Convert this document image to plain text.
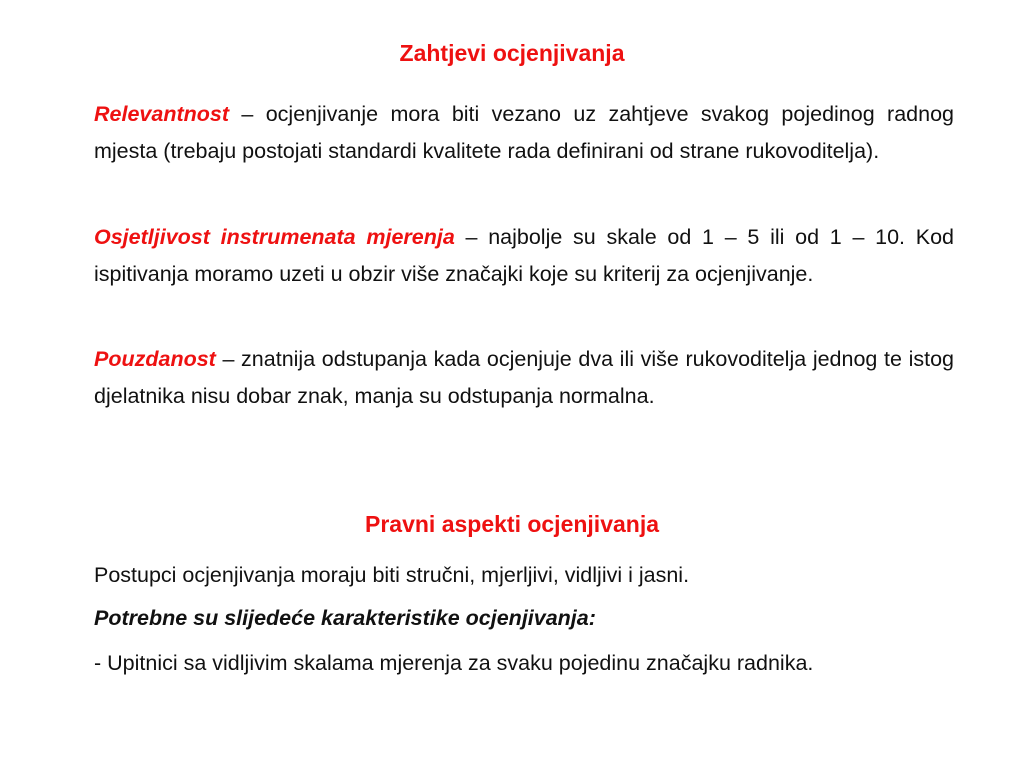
Zahtjevi ocjenjivanja

Relevantnost – ocjenjivanje mora biti vezano uz zahtjeve svakog pojedinog radnog mjesta (trebaju postojati standardi kvalitete rada definirani od strane rukovoditelja).

Osjetljivost instrumenata mjerenja – najbolje su skale od 1 – 5 ili od 1 – 10. Kod ispitivanja moramo uzeti u obzir više značajki koje su kriterij za ocjenjivanje.

Pouzdanost – znatnija odstupanja kada ocjenjuje dva ili više rukovoditelja jednog te istog djelatnika nisu dobar znak, manja su odstupanja normalna.

Pravni aspekti ocjenjivanja

Postupci ocjenjivanja moraju biti stručni, mjerljivi, vidljivi i jasni.

Potrebne su slijedeće karakteristike ocjenjivanja:

- Upitnici sa vidljivim skalama mjerenja za svaku pojedinu značajku radnika.
